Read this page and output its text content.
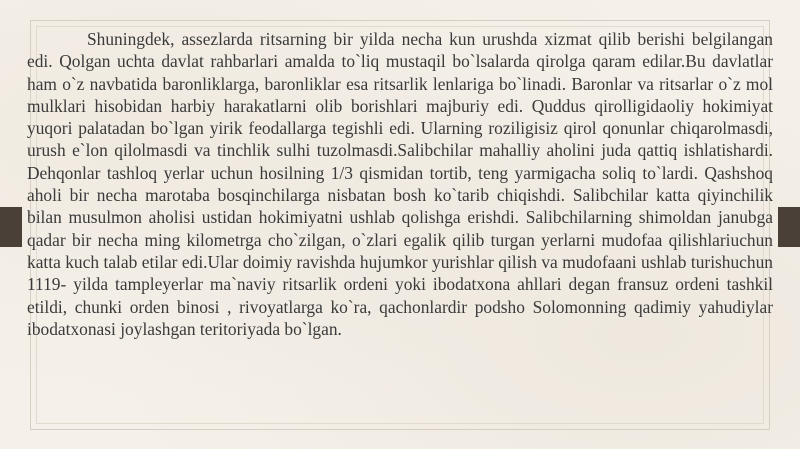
Shuningdek, assezlarda ritsarning bir yilda necha kun urushda xizmat qilib berishi belgilangan edi. Qolgan uchta davlat rahbarlari amalda to`liq mustaqil bo`lsalarda qirolga qaram edilar.Bu davlatlar ham o`z navbatida baronliklarga, baronliklar esa ritsarlik lenlariga bo`linadi. Baronlar va ritsarlar o`z mol mulklari hisobidan harbiy harakatlarni olib borishlari majburiy edi. Quddus qirolligidaoliy hokimiyat yuqori palatadan bo`lgan yirik feodallarga tegishli edi. Ularning roziligisiz qirol qonunlar chiqarolmasdi, urush e`lon qilolmasdi va tinchlik sulhi tuzolmasdi.Salibchilar mahalliy aholini juda qattiq ishlatishardi. Dehqonlar tashloq yerlar uchun hosilning 1/3 qismidan tortib, teng yarmigacha soliq to`lardi. Qashshoq aholi bir necha marotaba bosqinchilarga nisbatan bosh ko`tarib chiqishdi. Salibchilar katta qiyinchilik bilan musulmon aholisi ustidan hokimiyatni ushlab qolishga erishdi. Salibchilarning shimoldan janubga qadar bir necha ming kilometrga cho`zilgan, o`zlari egalik qilib turgan yerlarni mudofaa qilishlariuchun katta kuch talab etilar edi.Ular doimiy ravishda hujumkor yurishlar qilish va mudofaani ushlab turishuchun 1119- yilda tampleyerlar ma`naviy ritsarlik ordeni yoki ibodatxona ahllari degan fransuz ordeni tashkil etildi, chunki orden binosi , rivoyatlarga ko`ra, qachonlardir podsho Solomonning qadimiy yahudiylar ibodatxonasi joylashgan teritoriyada bo`lgan.
